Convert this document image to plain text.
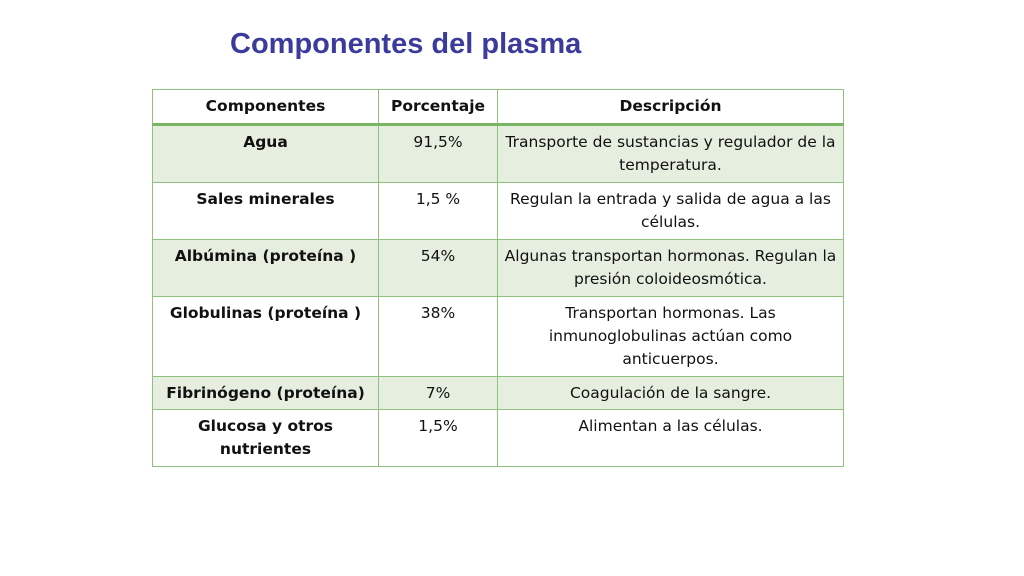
Componentes del plasma
Componentes	Porcentaje	Descripción
Agua	91,5%	Transporte de sustancias y regulador de la temperatura.
Sales minerales	1,5 %	Regulan la entrada y salida de agua a las células.
Albúmina (proteína )	54%	Algunas transportan hormonas. Regulan la presión coloideosmótica.
Globulinas (proteína )	38%	Transportan hormonas. Las inmunoglobulinas actúan como anticuerpos.
Fibrinógeno (proteína)	7%	Coagulación de la sangre.
Glucosa y otros nutrientes	1,5%	Alimentan a las células.
